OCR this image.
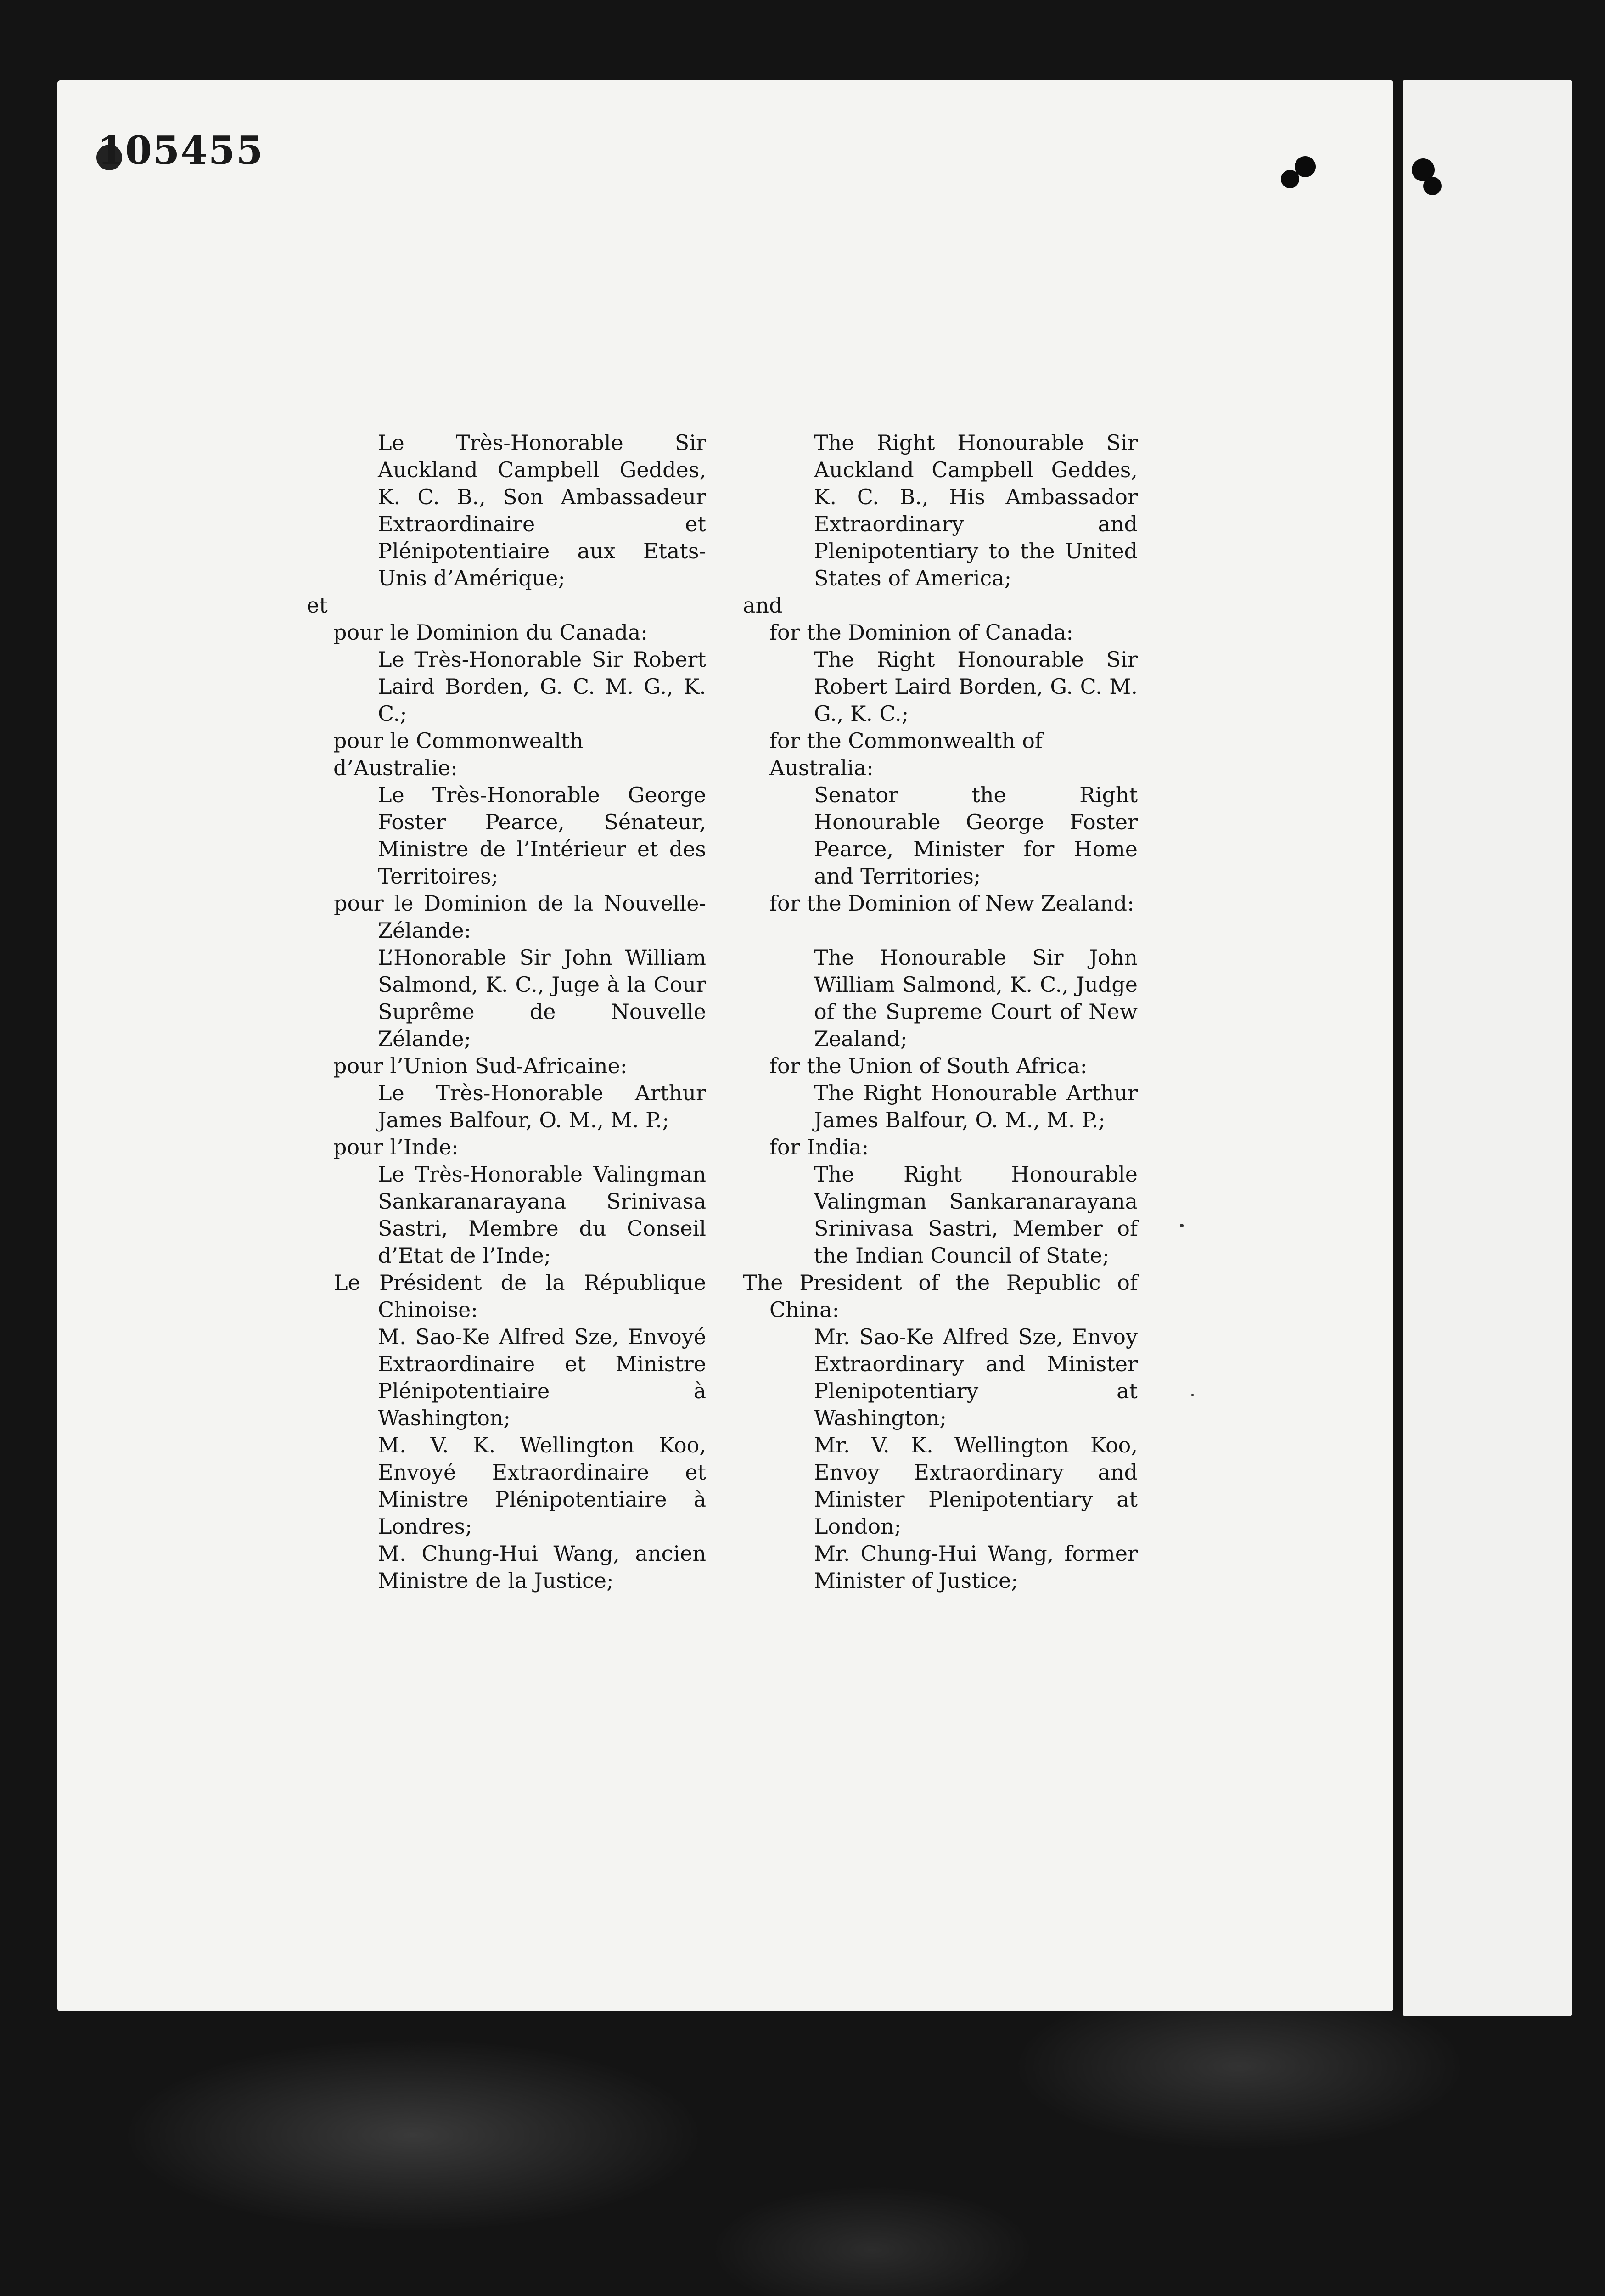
105455
Le Très-Honorable Sir Auckland Campbell Geddes, K. C. B., Son Ambassadeur Extraordinaire et Plénipotentiaire aux Etats-Unis d’Amérique;
et
pour le Dominion du Canada:
Le Très-Honorable Sir Robert Laird Borden, G. C. M. G., K. C.;
pour le Commonwealth d’Australie:
Le Très-Honorable George Foster Pearce, Sénateur, Ministre de l’Intérieur et des Territoires;
pour le Dominion de la Nouvelle-Zélande:
L’Honorable Sir John William Salmond, K. C., Juge à la Cour Suprême de Nouvelle Zélande;
pour l’Union Sud-Africaine:
Le Très-Honorable Arthur James Balfour, O. M., M. P.;
pour l’Inde:
Le Très-Honorable Valingman Sankaranarayana Srinivasa Sastri, Membre du Conseil d’Etat de l’Inde;
Le Président de la République Chinoise:
M. Sao-Ke Alfred Sze, Envoyé Extraordinaire et Ministre Plénipotentiaire à Washington;
M. V. K. Wellington Koo, Envoyé Extraordinaire et Ministre Plénipotentiaire à Londres;
M. Chung-Hui Wang, ancien Ministre de la Justice;
The Right Honourable Sir Auckland Campbell Geddes, K. C. B., His Ambassador Extraordinary and Plenipotentiary to the United States of America;
and
for the Dominion of Canada:
The Right Honourable Sir Robert Laird Borden, G. C. M. G., K. C.;
for the Commonwealth of Australia:
Senator the Right Honourable George Foster Pearce, Minister for Home and Territories;
for the Dominion of New Zealand:
The Honourable Sir John William Salmond, K. C., Judge of the Supreme Court of New Zealand;
for the Union of South Africa:
The Right Honourable Arthur James Balfour, O. M., M. P.;
for India:
The Right Honourable Valingman Sankaranarayana Srinivasa Sastri, Member of the Indian Council of State;
The President of the Republic of China:
Mr. Sao-Ke Alfred Sze, Envoy Extraordinary and Minister Plenipotentiary at Washington;
Mr. V. K. Wellington Koo, Envoy Extraordinary and Minister Plenipotentiary at London;
Mr. Chung-Hui Wang, former Minister of Justice;
